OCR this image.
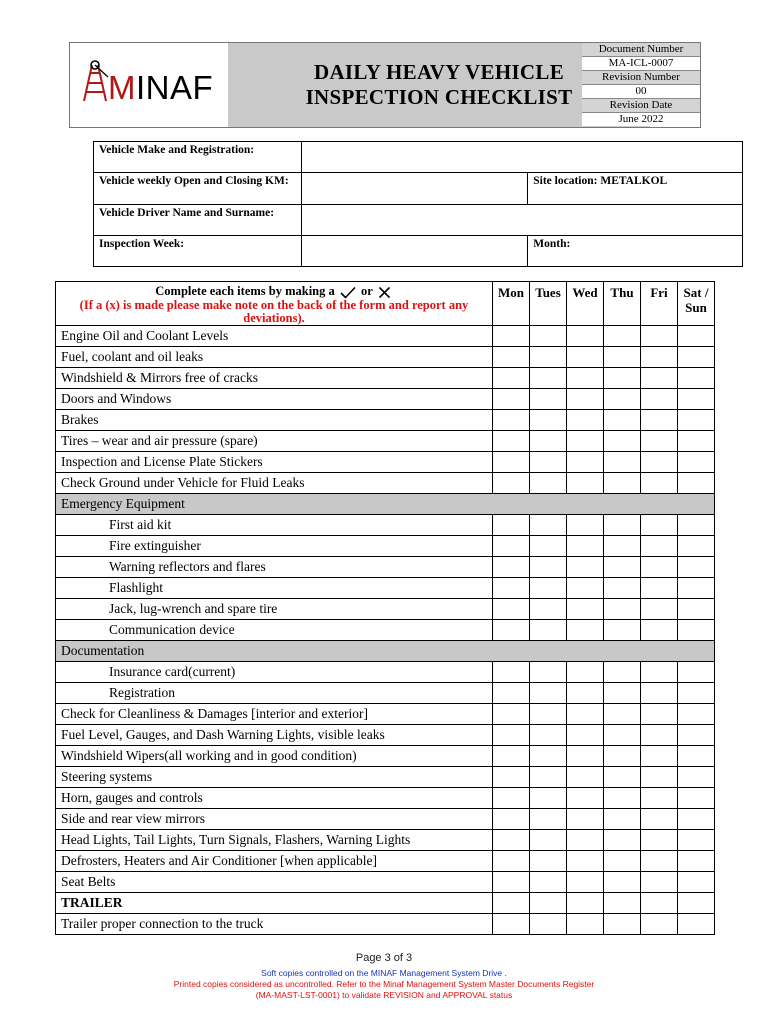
MINAF	DAILY HEAVY VEHICLE
INSPECTION CHECKLIST
Document Number
MA-ICL-0007
Revision Number
00
Revision Date
June 2022
Vehicle Make and Registration:		
Vehicle weekly Open and Closing KM:		Site location: METALKOL
Vehicle Driver Name and Surname:		
Inspection Week:		Month:
Complete each items by making a or
(If a (x) is made please make note on the back of the form and report any deviations).	Mon	Tues	Wed	Thu	Fri	Sat / Sun
Engine Oil and Coolant Levels						
Fuel, coolant and oil leaks						
Windshield & Mirrors free of cracks						
Doors and Windows						
Brakes						
Tires – wear and air pressure (spare)						
Inspection and License Plate Stickers						
Check Ground under Vehicle for Fluid Leaks						
Emergency Equipment						
First aid kit						
Fire extinguisher						
Warning reflectors and flares						
Flashlight						
Jack, lug-wrench and spare tire						
Communication device						
Documentation						
Insurance card(current)						
Registration						
Check for Cleanliness & Damages [interior and exterior]						
Fuel Level, Gauges, and Dash Warning Lights, visible leaks						
Windshield Wipers(all working and in good condition)						
Steering systems						
Horn, gauges and controls						
Side and rear view mirrors						
Head Lights, Tail Lights, Turn Signals, Flashers, Warning Lights						
Defrosters, Heaters and Air Conditioner [when applicable]						
Seat Belts						
TRAILER						
Trailer proper connection to the truck						
Page 3 of 3
Soft copies controlled on the MINAF Management System Drive .
Printed copies considered as uncontrolled. Refer to the Minaf Management System Master Documents Register
(MA-MAST-LST-0001) to validate REVISION and APPROVAL status
